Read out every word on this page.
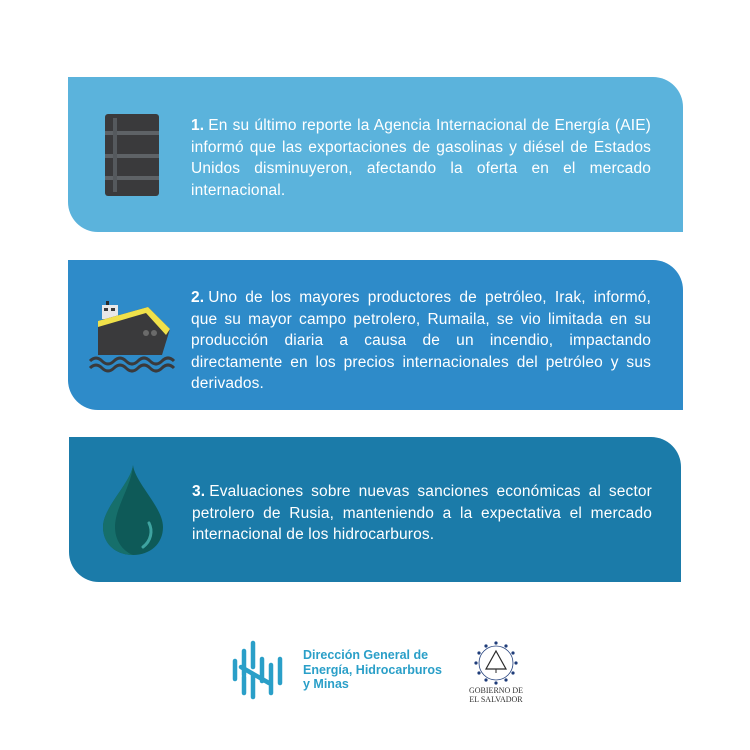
1. En su último reporte la Agencia Internacional de Energía (AIE) informó que las exportaciones de gasolinas y diésel de Estados Unidos disminuyeron, afectando la oferta en el mercado internacional.

2. Uno de los mayores productores de petróleo, Irak, informó, que su mayor campo petrolero, Rumaila, se vio limitada en su producción diaria a causa de un incendio, impactando directamente en los precios internacionales del petróleo y sus derivados.

3. Evaluaciones sobre nuevas sanciones económicas al sector petrolero de Rusia, manteniendo a la expectativa el mercado internacional de los hidrocarburos.

Dirección General de
Energía, Hidrocarburos
y Minas	GOBIERNO DE
EL SALVADOR
